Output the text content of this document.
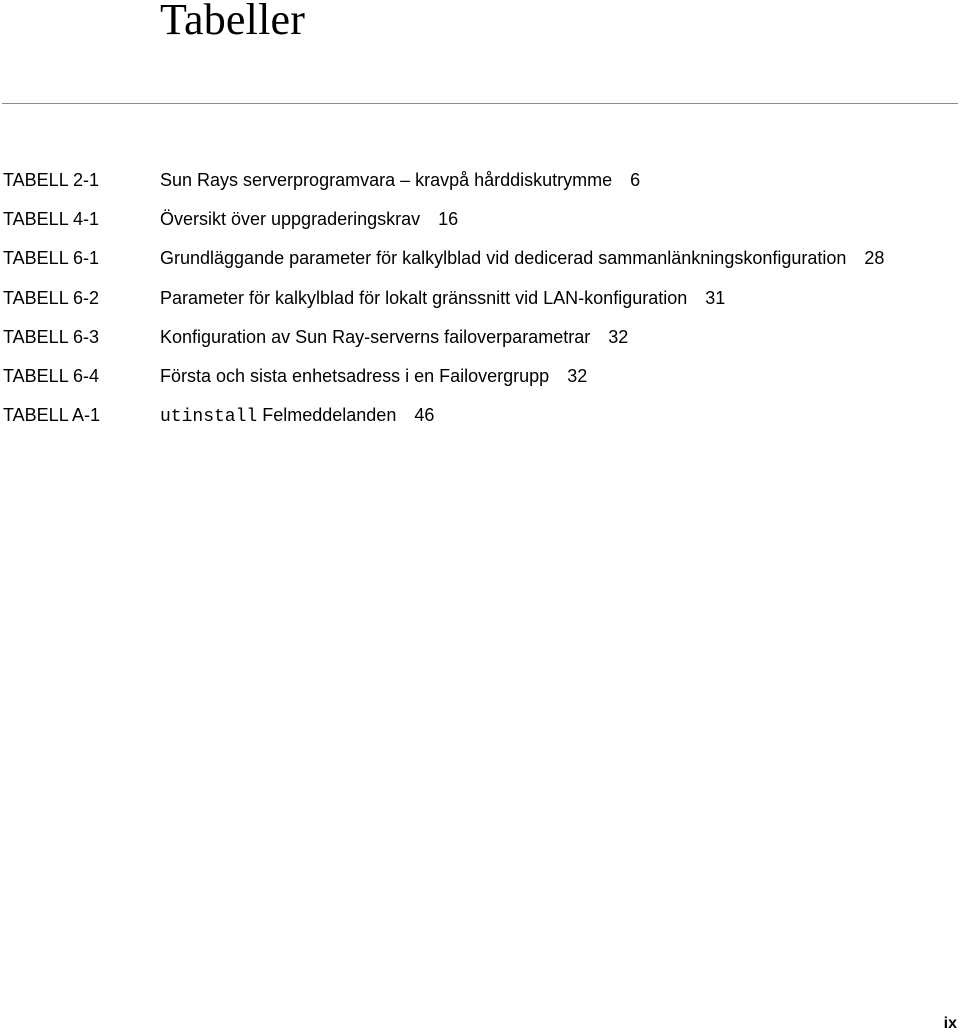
Tabeller
TABELL 2-1	Sun Rays serverprogramvara – kravpå hårddiskutrymme 6
TABELL 4-1	Översikt över uppgraderingskrav 16
TABELL 6-1	Grundläggande parameter för kalkylblad vid dedicerad sammanlänkningskonfiguration 28
TABELL 6-2	Parameter för kalkylblad för lokalt gränssnitt vid LAN-konfiguration 31
TABELL 6-3	Konfiguration av Sun Ray-serverns failoverparametrar 32
TABELL 6-4	Första och sista enhetsadress i en Failovergrupp 32
TABELL A-1	utinstall Felmeddelanden 46
ix
